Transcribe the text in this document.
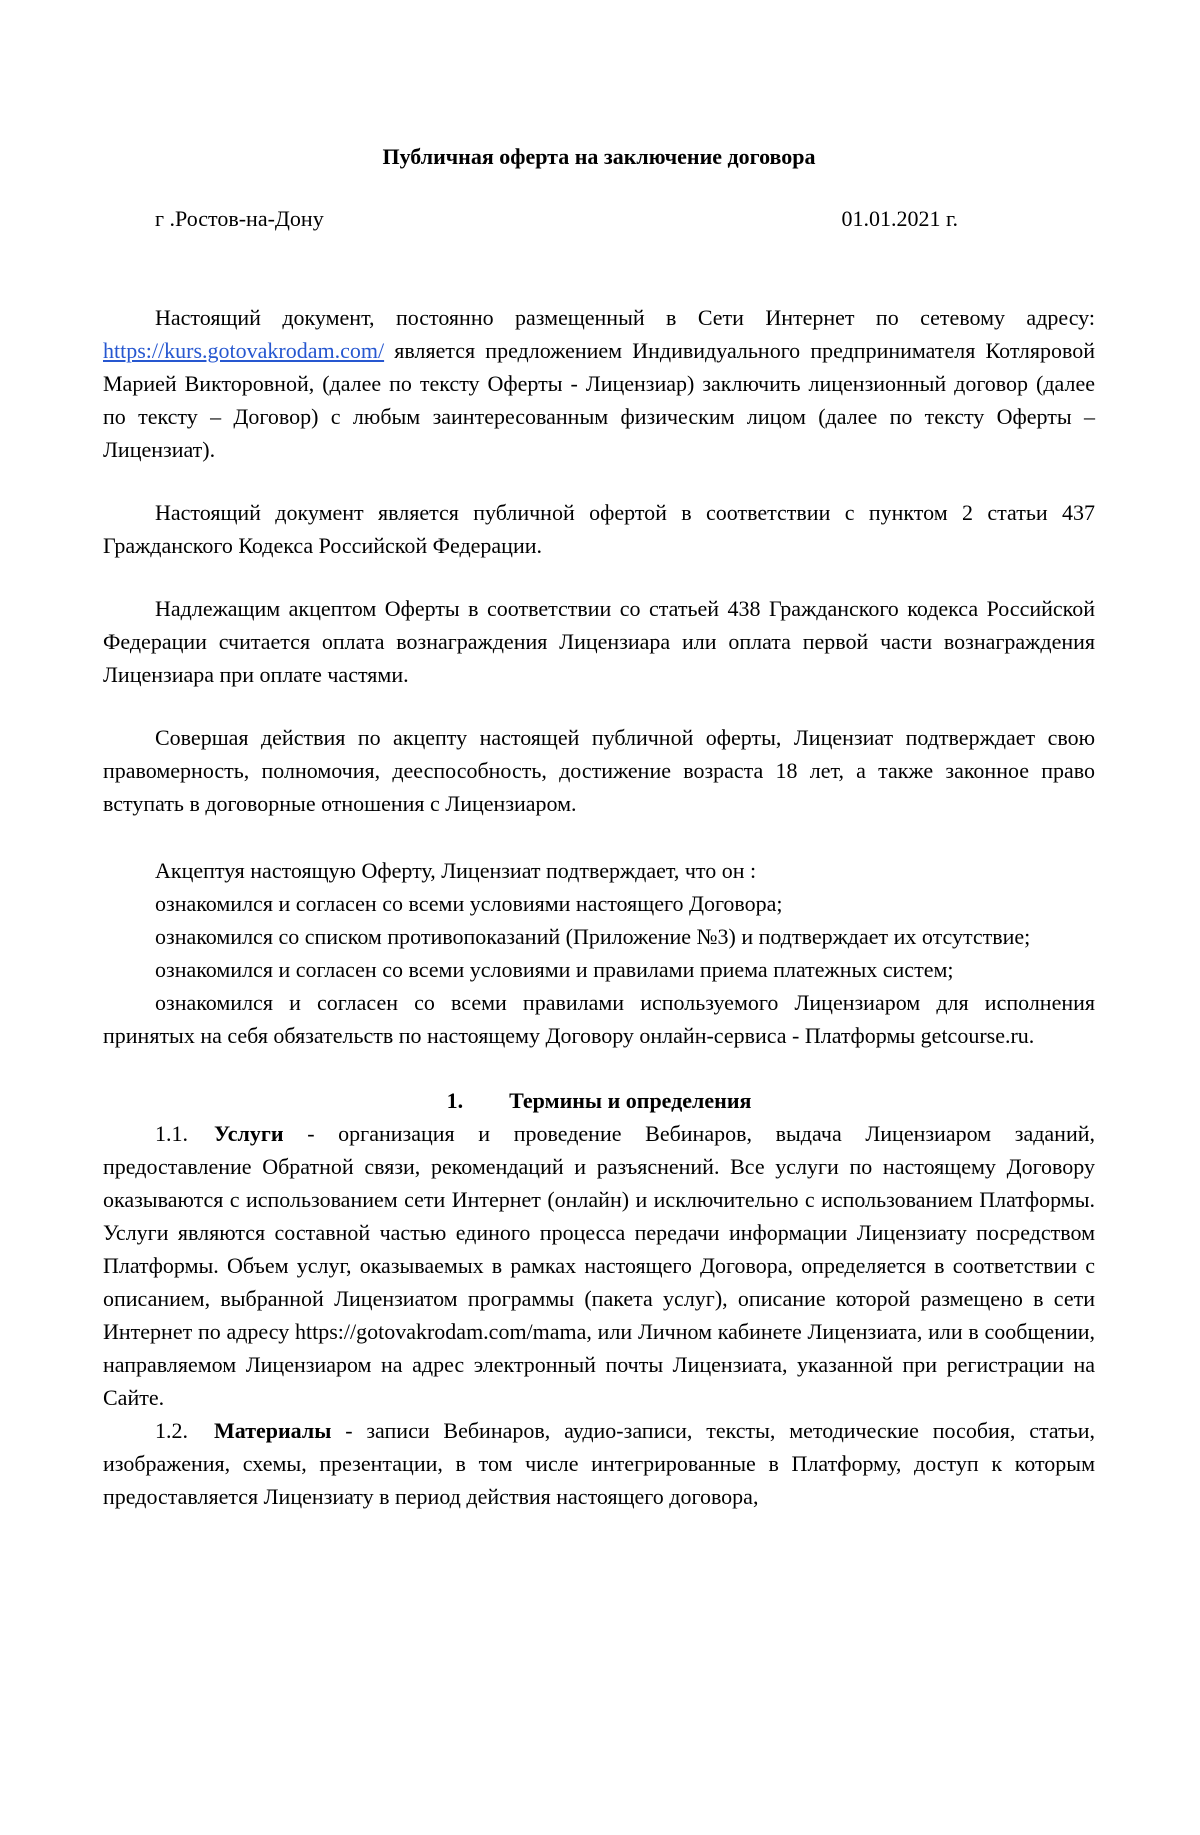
Публичная оферта на заключение договора

г .Ростов-на-Дону	01.01.2021 г.

Настоящий документ, постоянно размещенный в Сети Интернет по сетевому адресу: https://kurs.gotovakrodam.com/ является предложением Индивидуального предпринимателя Котляровой Марией Викторовной, (далее по тексту Оферты - Лицензиар) заключить лицензионный договор (далее по тексту – Договор) с любым заинтересованным физическим лицом (далее по тексту Оферты – Лицензиат).

Настоящий документ является публичной офертой в соответствии с пунктом 2 статьи 437 Гражданского Кодекса Российской Федерации.

Надлежащим акцептом Оферты в соответствии со статьей 438 Гражданского кодекса Российской Федерации считается оплата вознаграждения Лицензиара или оплата первой части вознаграждения Лицензиара при оплате частями.

Совершая действия по акцепту настоящей публичной оферты, Лицензиат подтверждает свою правомерность, полномочия, дееспособность, достижение возраста 18 лет, а также законное право вступать в договорные отношения с Лицензиаром.

Акцептуя настоящую Оферту, Лицензиат подтверждает, что он :

ознакомился и согласен со всеми условиями настоящего Договора;

ознакомился со списком противопоказаний (Приложение №3) и подтверждает их отсутствие;

ознакомился и согласен со всеми условиями и правилами приема платежных систем;

ознакомился и согласен со всеми правилами используемого Лицензиаром для исполнения принятых на себя обязательств по настоящему Договору онлайн-сервиса - Платформы getcourse.ru.

1. Термины и определения

1.1. Услуги - организация и проведение Вебинаров, выдача Лицензиаром заданий, предоставление Обратной связи, рекомендаций и разъяснений. Все услуги по настоящему Договору оказываются с использованием сети Интернет (онлайн) и исключительно с использованием Платформы. Услуги являются составной частью единого процесса передачи информации Лицензиату посредством Платформы. Объем услуг, оказываемых в рамках настоящего Договора, определяется в соответствии с описанием, выбранной Лицензиатом программы (пакета услуг), описание которой размещено в сети Интернет по адресу https://gotovakrodam.com/mama, или Личном кабинете Лицензиата, или в сообщении, направляемом Лицензиаром на адрес электронный почты Лицензиата, указанной при регистрации на Сайте.

1.2. Материалы - записи Вебинаров, аудио-записи, тексты, методические пособия, статьи, изображения, схемы, презентации, в том числе интегрированные в Платформу, доступ к которым предоставляется Лицензиату в период действия настоящего договора,
